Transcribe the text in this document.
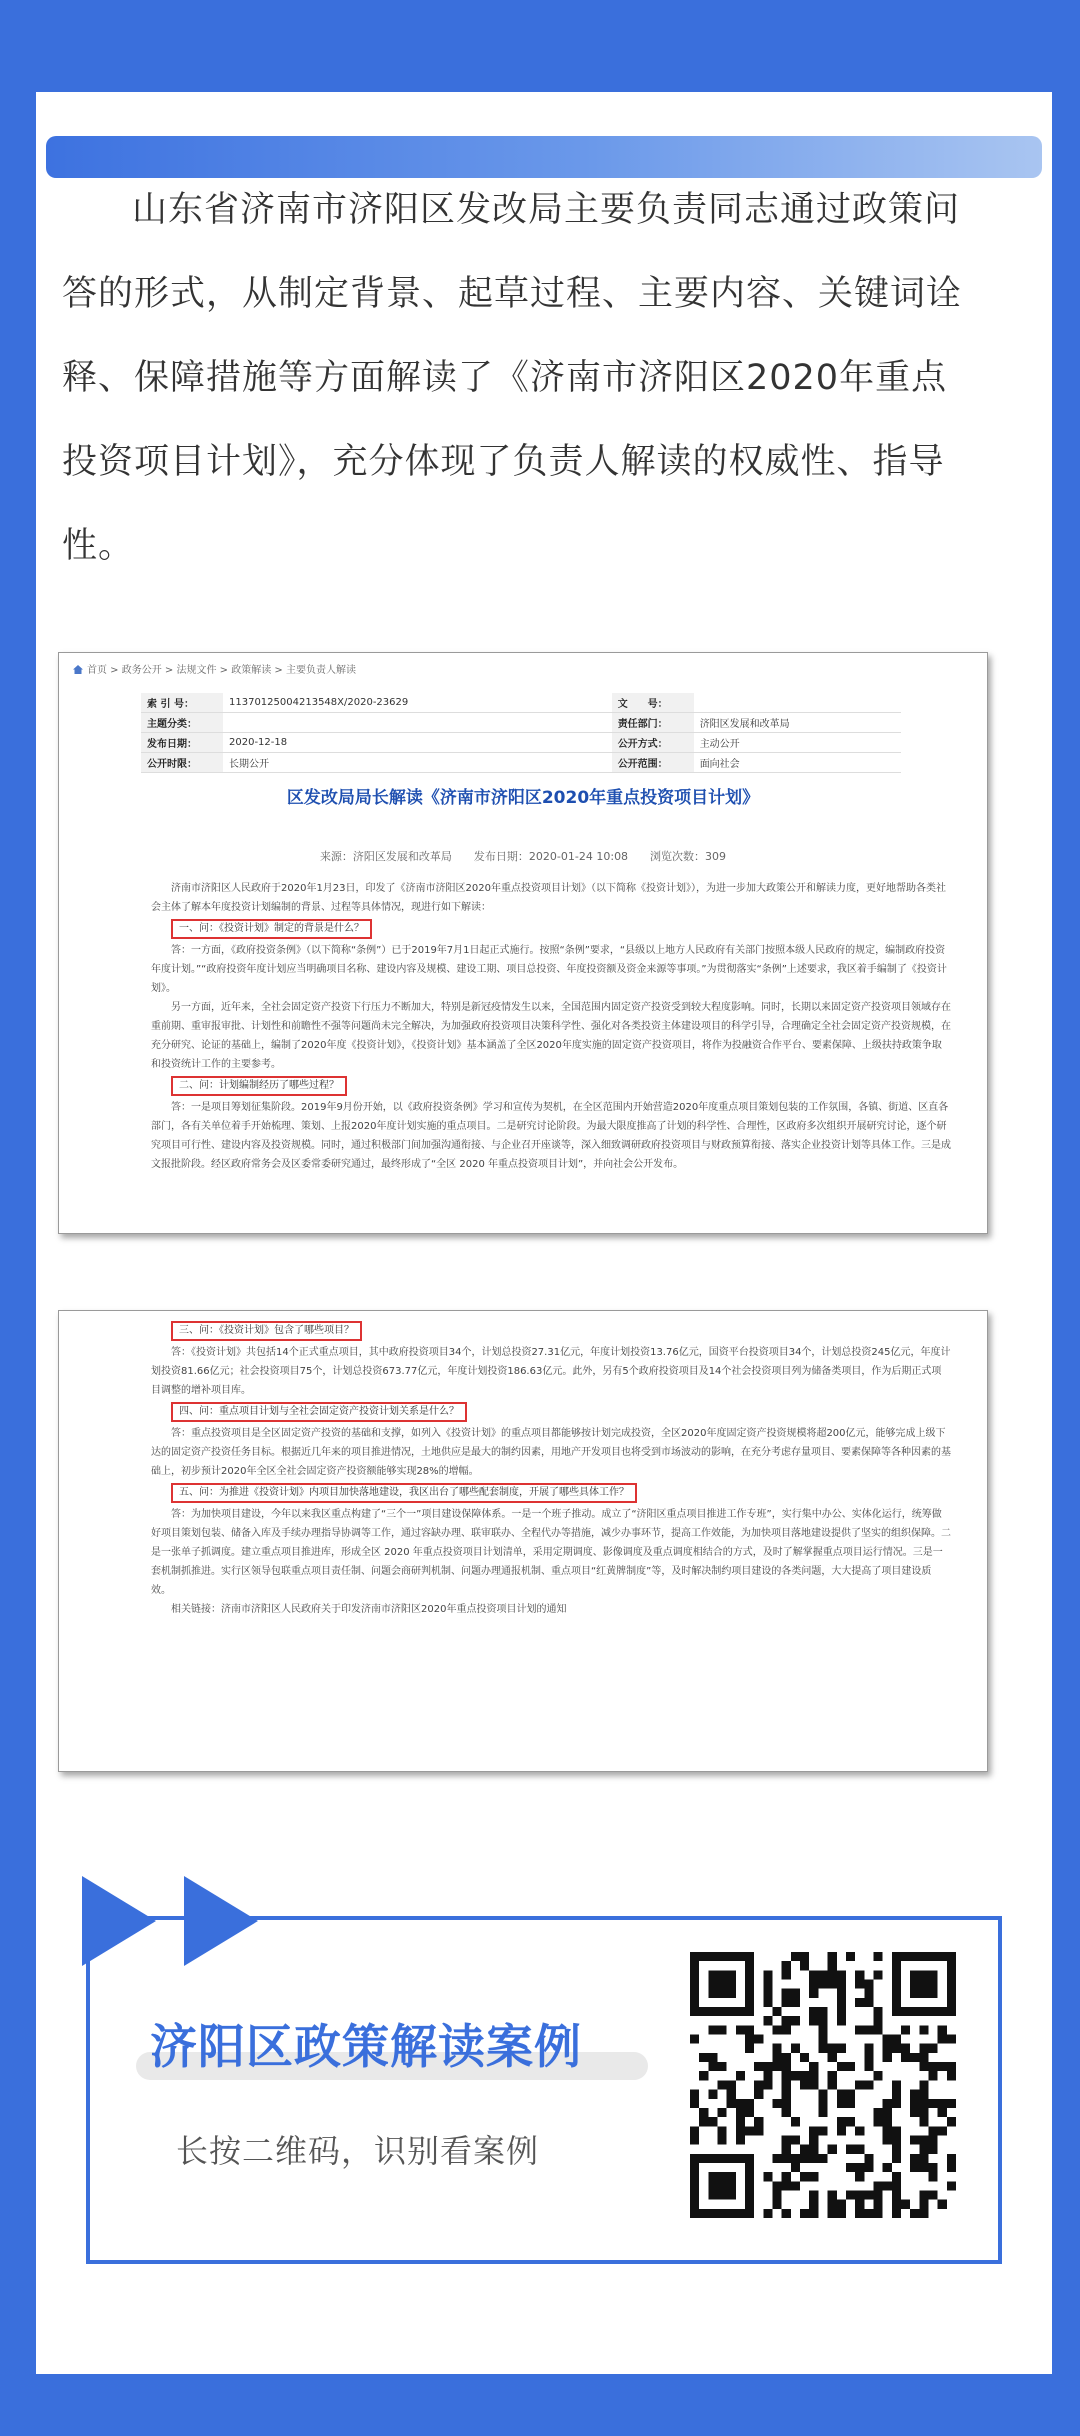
山东省济南市济阳区发改局主要负责同志通过政策问答的形式，从制定背景、起草过程、主要内容、关键词诠释、保障措施等方面解读了《济南市济阳区2020年重点投资项目计划》，充分体现了负责人解读的权威性、指导性。

首页 > 政务公开 > 法规文件 > 政策解读 > 主要负责人解读
索 引 号：	11370125004213548X/2020-23629	文　　号：	
主题分类：		责任部门：	济阳区发展和改革局
发布日期：	2020-12-18	公开方式：	主动公开
公开时限：	长期公开	公开范围：	面向社会
区发改局局长解读《济南市济阳区2020年重点投资项目计划》
来源：济阳区发展和改革局　　发布日期：2020-01-24 10:08　　浏览次数：309

济南市济阳区人民政府于2020年1月23日，印发了《济南市济阳区2020年重点投资项目计划》（以下简称《投资计划》），为进一步加大政策公开和解读力度，更好地帮助各类社会主体了解本年度投资计划编制的背景、过程等具体情况，现进行如下解读：

一、问：《投资计划》制定的背景是什么？

答：一方面，《政府投资条例》（以下简称“条例”）已于2019年7月1日起正式施行。按照“条例”要求，“县级以上地方人民政府有关部门按照本级人民政府的规定，编制政府投资年度计划。”“政府投资年度计划应当明确项目名称、建设内容及规模、建设工期、项目总投资、年度投资额及资金来源等事项。”为贯彻落实“条例”上述要求，我区着手编制了《投资计划》。

另一方面，近年来，全社会固定资产投资下行压力不断加大，特别是新冠疫情发生以来，全国范围内固定资产投资受到较大程度影响。同时，长期以来固定资产投资项目领域存在重前期、重审报审批、计划性和前瞻性不强等问题尚未完全解决，为加强政府投资项目决策科学性、强化对各类投资主体建设项目的科学引导，合理确定全社会固定资产投资规模，在充分研究、论证的基础上，编制了2020年度《投资计划》，《投资计划》基本涵盖了全区2020年度实施的固定资产投资项目，将作为投融资合作平台、要素保障、上级扶持政策争取和投资统计工作的主要参考。

二、问：计划编制经历了哪些过程？

答：一是项目筹划征集阶段。2019年9月份开始，以《政府投资条例》学习和宣传为契机，在全区范围内开始营造2020年度重点项目策划包装的工作氛围，各镇、街道、区直各部门，各有关单位着手开始梳理、策划、上报2020年度计划实施的重点项目。二是研究讨论阶段。为最大限度推高了计划的科学性、合理性，区政府多次组织开展研究讨论，逐个研究项目可行性、建设内容及投资规模。同时，通过积极部门间加强沟通衔接、与企业召开座谈等，深入细致调研政府投资项目与财政预算衔接、落实企业投资计划等具体工作。三是成文报批阶段。经区政府常务会及区委常委研究通过，最终形成了“全区 2020 年重点投资项目计划”，并向社会公开发布。

三、问：《投资计划》包含了哪些项目？

答：《投资计划》共包括14个正式重点项目，其中政府投资项目34个，计划总投资27.31亿元，年度计划投资13.76亿元，国资平台投资项目34个，计划总投资245亿元，年度计划投资81.66亿元；社会投资项目75个，计划总投资673.77亿元，年度计划投资186.63亿元。此外，另有5个政府投资项目及14个社会投资项目列为储备类项目，作为后期正式项目调整的增补项目库。

四、问：重点项目计划与全社会固定资产投资计划关系是什么？

答：重点投资项目是全区固定资产投资的基础和支撑，如列入《投资计划》的重点项目都能够按计划完成投资，全区2020年度固定资产投资规模将超200亿元，能够完成上级下达的固定资产投资任务目标。根据近几年来的项目推进情况，土地供应是最大的制约因素，用地产开发项目也将受到市场波动的影响，在充分考虑存量项目、要素保障等各种因素的基础上，初步预计2020年全区全社会固定资产投资额能够实现28%的增幅。

五、问：为推进《投资计划》内项目加快落地建设，我区出台了哪些配套制度，开展了哪些具体工作？

答：为加快项目建设，今年以来我区重点构建了“三个一”项目建设保障体系。一是一个班子推动。成立了“济阳区重点项目推进工作专班”，实行集中办公、实体化运行，统筹做好项目策划包装、储备入库及手续办理指导协调等工作，通过容缺办理、联审联办、全程代办等措施，减少办事环节，提高工作效能，为加快项目落地建设提供了坚实的组织保障。二是一张单子抓调度。建立重点项目推进库，形成全区 2020 年重点投资项目计划清单，采用定期调度、影像调度及重点调度相结合的方式，及时了解掌握重点项目运行情况。三是一套机制抓推进。实行区领导包联重点项目责任制、问题会商研判机制、问题办理通报机制、重点项目“红黄牌制度”等，及时解决制约项目建设的各类问题，大大提高了项目建设质效。

相关链接：济南市济阳区人民政府关于印发济南市济阳区2020年重点投资项目计划的通知

济阳区政策解读案例
长按二维码，识别看案例
